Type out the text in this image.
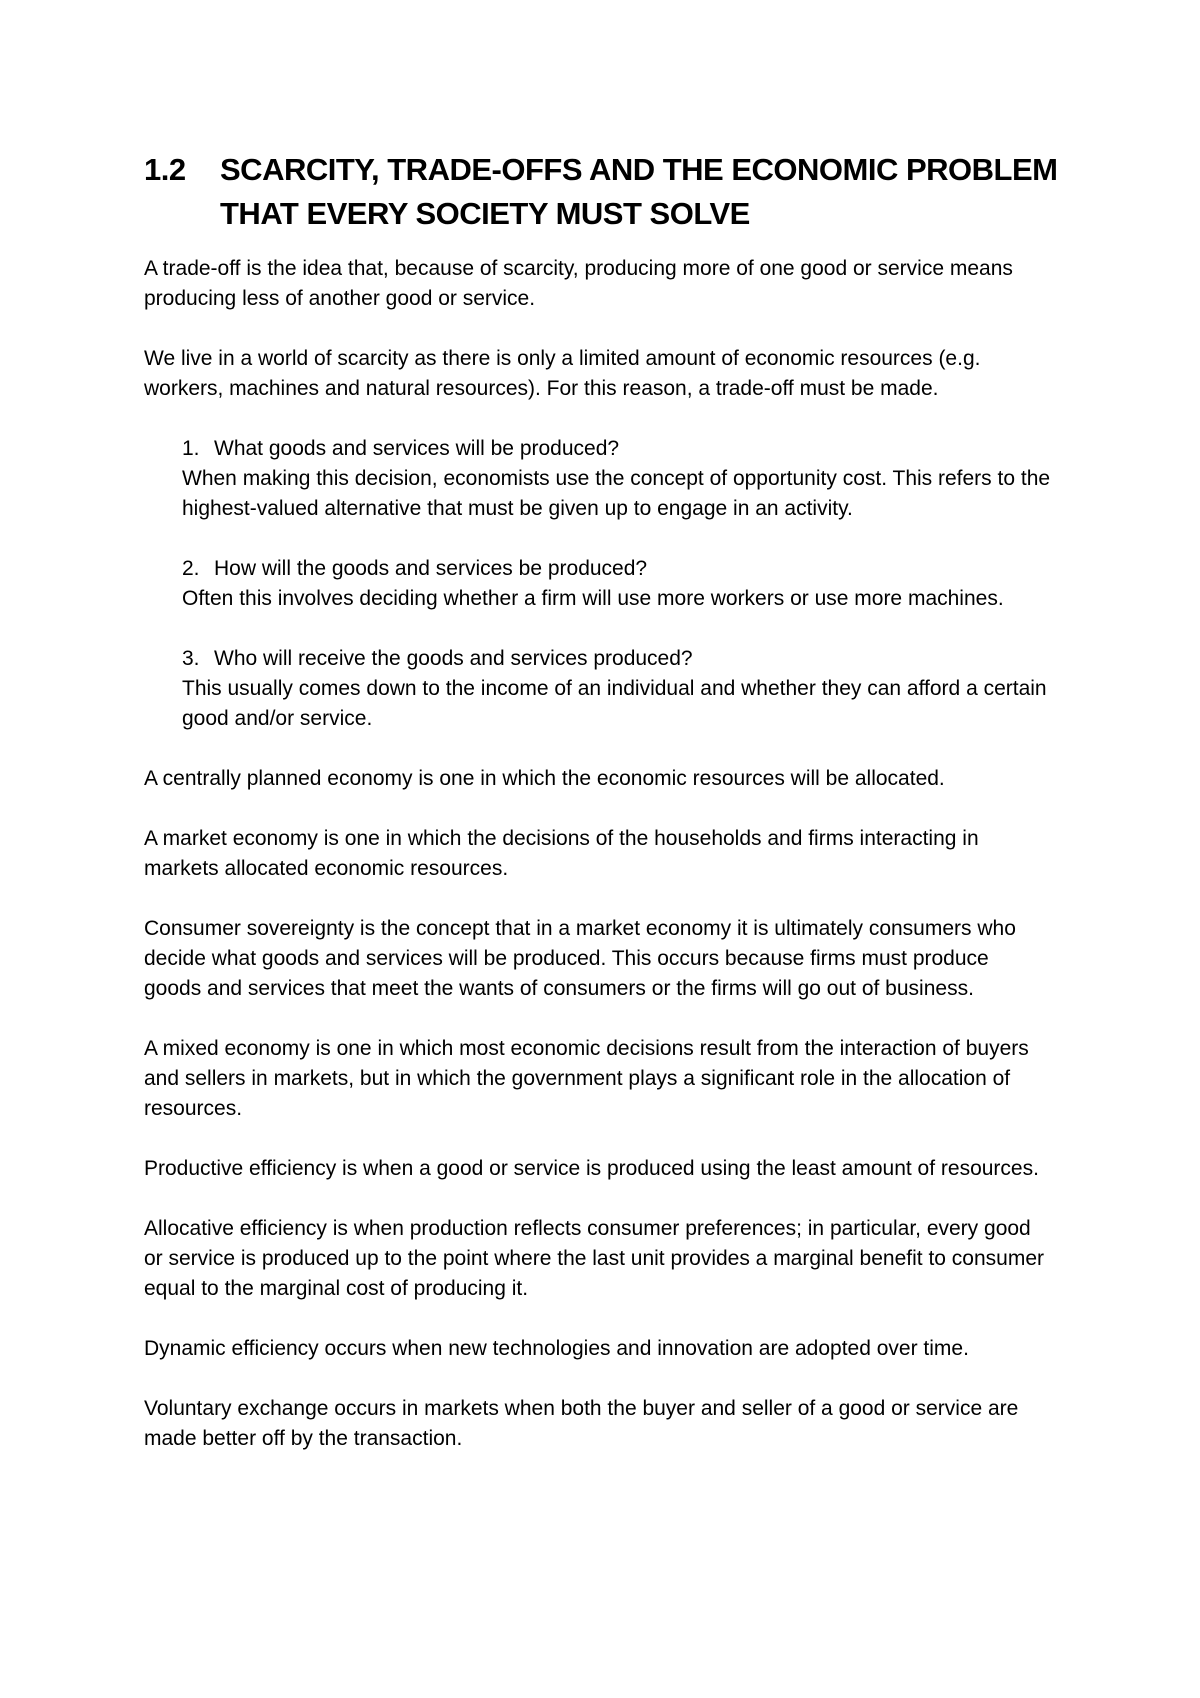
1.2	SCARCITY, TRADE-OFFS AND THE ECONOMIC PROBLEM THAT EVERY SOCIETY MUST SOLVE

A trade-off is the idea that, because of scarcity, producing more of one good or service means producing less of another good or service.

We live in a world of scarcity as there is only a limited amount of economic resources (e.g. workers, machines and natural resources). For this reason, a trade-off must be made.

1. What goods and services will be produced?
When making this decision, economists use the concept of opportunity cost. This refers to the highest-valued alternative that must be given up to engage in an activity.
2. How will the goods and services be produced?
Often this involves deciding whether a firm will use more workers or use more machines.
3. Who will receive the goods and services produced?
This usually comes down to the income of an individual and whether they can afford a certain good and/or service.

A centrally planned economy is one in which the economic resources will be allocated.

A market economy is one in which the decisions of the households and firms interacting in markets allocated economic resources.

Consumer sovereignty is the concept that in a market economy it is ultimately consumers who decide what goods and services will be produced. This occurs because firms must produce goods and services that meet the wants of consumers or the firms will go out of business.

A mixed economy is one in which most economic decisions result from the interaction of buyers and sellers in markets, but in which the government plays a significant role in the allocation of resources.

Productive efficiency is when a good or service is produced using the least amount of resources.

Allocative efficiency is when production reflects consumer preferences; in particular, every good or service is produced up to the point where the last unit provides a marginal benefit to consumer equal to the marginal cost of producing it.

Dynamic efficiency occurs when new technologies and innovation are adopted over time.

Voluntary exchange occurs in markets when both the buyer and seller of a good or service are made better off by the transaction.
